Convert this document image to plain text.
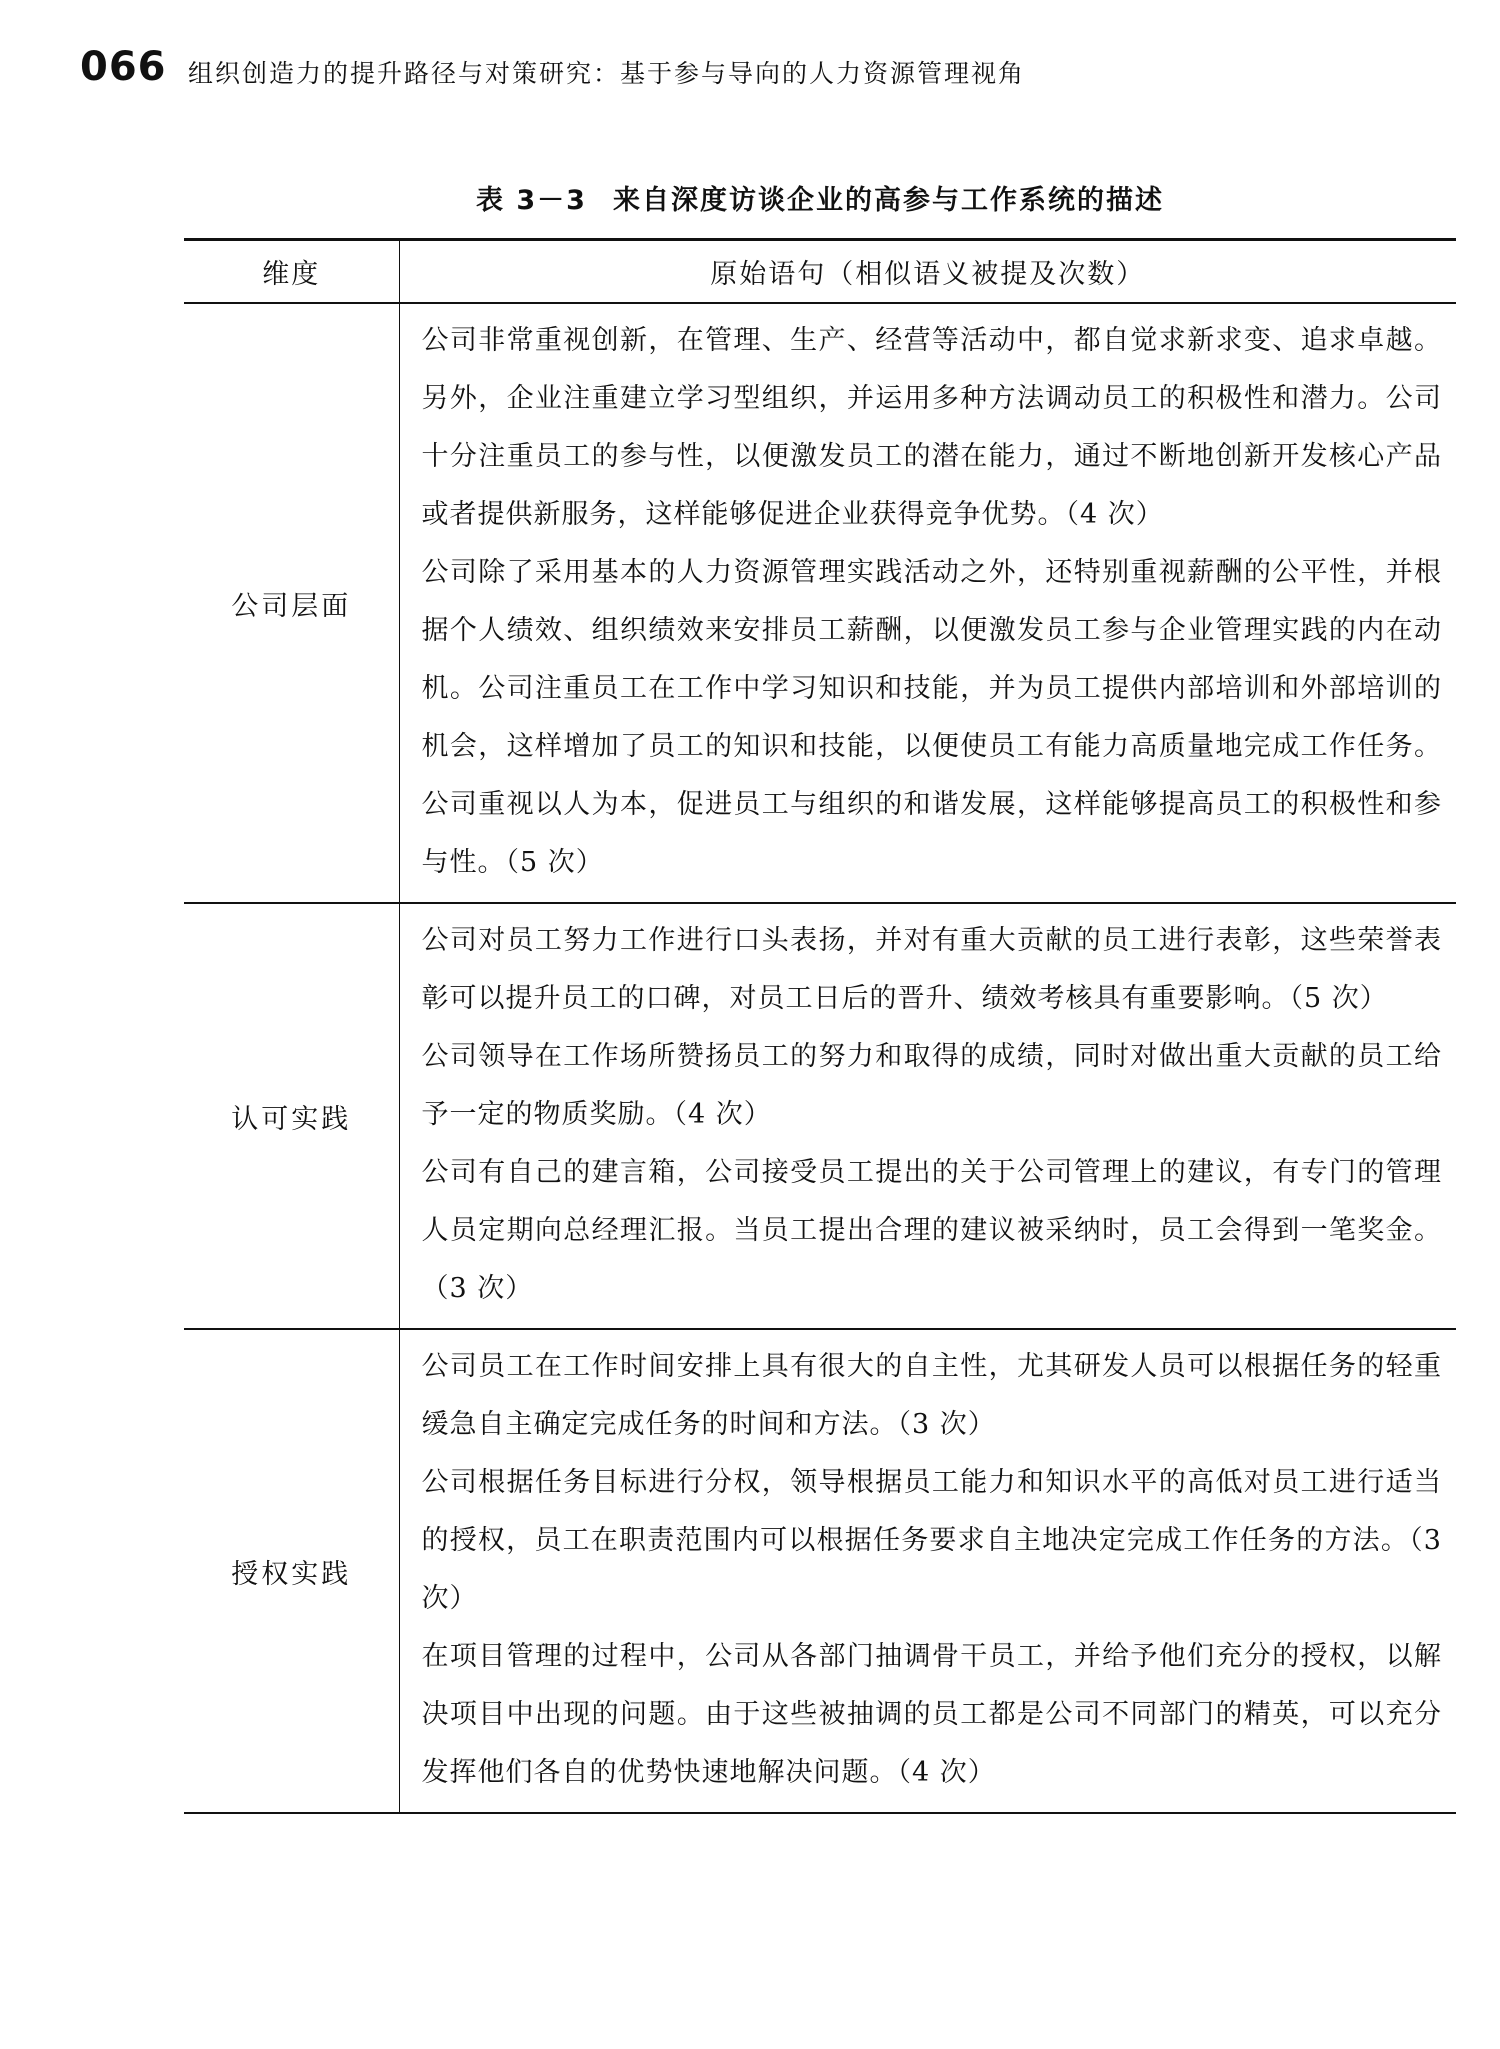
066 组织创造力的提升路径与对策研究：基于参与导向的人力资源管理视角
表 3－3 来自深度访谈企业的高参与工作系统的描述
维度	原始语句（相似语义被提及次数）
公司层面	公司非常重视创新，在管理、生产、经营等活动中，都自觉求新求变、追求卓越。另外，企业注重建立学习型组织，并运用多种方法调动员工的积极性和潜力。公司十分注重员工的参与性，以便激发员工的潜在能力，通过不断地创新开发核心产品或者提供新服务，这样能够促进企业获得竞争优势。（4 次）

公司除了采用基本的人力资源管理实践活动之外，还特别重视薪酬的公平性，并根据个人绩效、组织绩效来安排员工薪酬，以便激发员工参与企业管理实践的内在动机。公司注重员工在工作中学习知识和技能，并为员工提供内部培训和外部培训的机会，这样增加了员工的知识和技能，以便使员工有能力高质量地完成工作任务。公司重视以人为本，促进员工与组织的和谐发展，这样能够提高员工的积极性和参与性。（5 次）

认可实践	公司对员工努力工作进行口头表扬，并对有重大贡献的员工进行表彰，这些荣誉表彰可以提升员工的口碑，对员工日后的晋升、绩效考核具有重要影响。（5 次）

公司领导在工作场所赞扬员工的努力和取得的成绩，同时对做出重大贡献的员工给予一定的物质奖励。（4 次）

公司有自己的建言箱，公司接受员工提出的关于公司管理上的建议，有专门的管理人员定期向总经理汇报。当员工提出合理的建议被采纳时，员工会得到一笔奖金。（3 次）

授权实践	公司员工在工作时间安排上具有很大的自主性，尤其研发人员可以根据任务的轻重缓急自主确定完成任务的时间和方法。（3 次）

公司根据任务目标进行分权，领导根据员工能力和知识水平的高低对员工进行适当的授权，员工在职责范围内可以根据任务要求自主地决定完成工作任务的方法。（3 次）

在项目管理的过程中，公司从各部门抽调骨干员工，并给予他们充分的授权，以解决项目中出现的问题。由于这些被抽调的员工都是公司不同部门的精英，可以充分发挥他们各自的优势快速地解决问题。（4 次）
